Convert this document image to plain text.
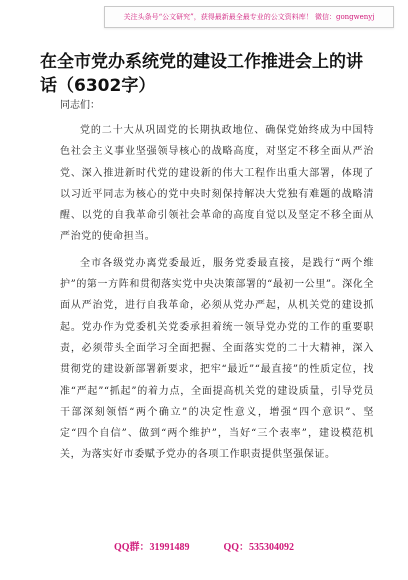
关注头条号“公文研究”，获得最新最全最专业的公文资料库！ 微信：gongwenyj
在全市党办系统党的建设工作推进会上的讲话（6302字）
同志们：

党的二十大从巩固党的长期执政地位、确保党始终成为中国特色社会主义事业坚强领导核心的战略高度，对坚定不移全面从严治党、深入推进新时代党的建设新的伟大工程作出重大部署，体现了以习近平同志为核心的党中央时刻保持解决大党独有难题的战略清醒、以党的自我革命引领社会革命的高度自觉以及坚定不移全面从严治党的使命担当。

全市各级党办离党委最近，服务党委最直接，是践行“两个维护”的第一方阵和贯彻落实党中央决策部署的“最初一公里”。深化全面从严治党，进行自我革命，必须从党办严起，从机关党的建设抓起。党办作为党委机关党委承担着统一领导党办党的工作的重要职责，必须带头全面学习全面把握、全面落实党的二十大精神，深入贯彻党的建设新部署新要求，把牢“最近”“最直接”的性质定位，找准“严起”“抓起”的着力点，全面提高机关党的建设质量，引导党员干部深刻领悟“两个确立”的决定性意义，增强“四个意识”、坚定“四个自信”、做到“两个维护”，当好“三个表率”，建设模范机关，为落实好市委赋予党办的各项工作职责提供坚强保证。

QQ群：31991489	QQ：535304092
